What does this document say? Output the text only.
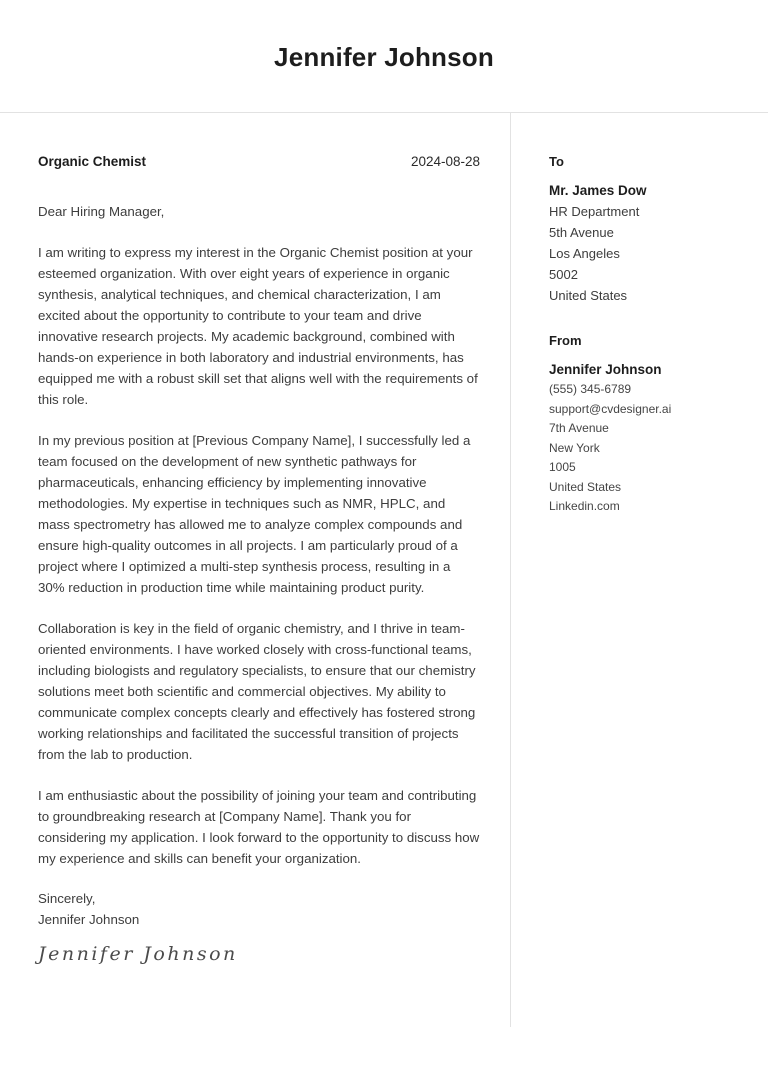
Jennifer Johnson
Organic Chemist	2024-08-28

Dear Hiring Manager,

I am writing to express my interest in the Organic Chemist position at your esteemed organization. With over eight years of experience in organic synthesis, analytical techniques, and chemical characterization, I am excited about the opportunity to contribute to your team and drive innovative research projects. My academic background, combined with hands-on experience in both laboratory and industrial environments, has equipped me with a robust skill set that aligns well with the requirements of this role.

In my previous position at [Previous Company Name], I successfully led a team focused on the development of new synthetic pathways for pharmaceuticals, enhancing efficiency by implementing innovative methodologies. My expertise in techniques such as NMR, HPLC, and mass spectrometry has allowed me to analyze complex compounds and ensure high-quality outcomes in all projects. I am particularly proud of a project where I optimized a multi-step synthesis process, resulting in a 30% reduction in production time while maintaining product purity.

Collaboration is key in the field of organic chemistry, and I thrive in team-oriented environments. I have worked closely with cross-functional teams, including biologists and regulatory specialists, to ensure that our chemistry solutions meet both scientific and commercial objectives. My ability to communicate complex concepts clearly and effectively has fostered strong working relationships and facilitated the successful transition of projects from the lab to production.

I am enthusiastic about the possibility of joining your team and contributing to groundbreaking research at [Company Name]. Thank you for considering my application. I look forward to the opportunity to discuss how my experience and skills can benefit your organization.

Sincerely,
Jennifer Johnson
Jennifer Johnson
To
Mr. James Dow
HR Department
5th Avenue
Los Angeles
5002
United States
From
Jennifer Johnson
(555) 345-6789
support@cvdesigner.ai
7th Avenue
New York
1005
United States
Linkedin.com
